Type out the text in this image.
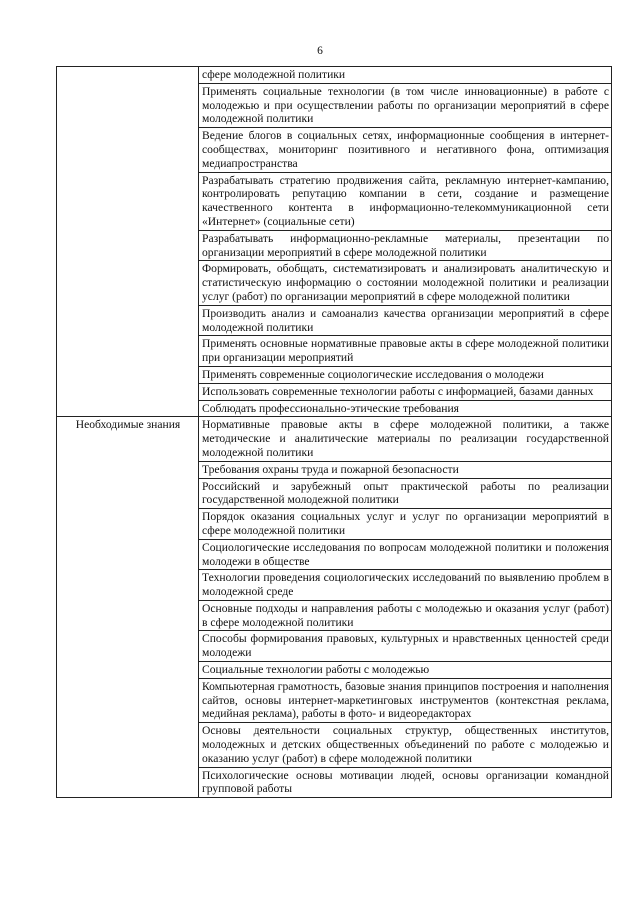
6
	сфере молодежной политики
	Применять социальные технологии (в том числе инновационные) в работе с молодежью и при осуществлении работы по организации мероприятий в сфере молодежной политики
	Ведение блогов в социальных сетях, информационные сообщения в интернет-сообществах, мониторинг позитивного и негативного фона, оптимизация медиапространства
	Разрабатывать стратегию продвижения сайта, рекламную интернет-кампанию, контролировать репутацию компании в сети, создание и размещение качественного контента в информационно-телекоммуникационной сети «Интернет» (социальные сети)
	Разрабатывать информационно-рекламные материалы, презентации по организации мероприятий в сфере молодежной политики
	Формировать, обобщать, систематизировать и анализировать аналитическую и статистическую информацию о состоянии молодежной политики и реализации услуг (работ) по организации мероприятий в сфере молодежной политики
	Производить анализ и самоанализ качества организации мероприятий в сфере молодежной политики
	Применять основные нормативные правовые акты в сфере молодежной политики при организации мероприятий
	Применять современные социологические исследования о молодежи
	Использовать современные технологии работы с информацией, базами данных
	Соблюдать профессионально-этические требования
Необходимые знания	Нормативные правовые акты в сфере молодежной политики, а также методические и аналитические материалы по реализации государственной молодежной политики
	Требования охраны труда и пожарной безопасности
	Российский и зарубежный опыт практической работы по реализации государственной молодежной политики
	Порядок оказания социальных услуг и услуг по организации мероприятий в сфере молодежной политики
	Социологические исследования по вопросам молодежной политики и положения молодежи в обществе
	Технологии проведения социологических исследований по выявлению проблем в молодежной среде
	Основные подходы и направления работы с молодежью и оказания услуг (работ) в сфере молодежной политики
	Способы формирования правовых, культурных и нравственных ценностей среди молодежи
	Социальные технологии работы с молодежью
	Компьютерная грамотность, базовые знания принципов построения и наполнения сайтов, основы интернет-маркетинговых инструментов (контекстная реклама, медийная реклама), работы в фото- и видеоредакторах
	Основы деятельности социальных структур, общественных институтов, молодежных и детских общественных объединений по работе с молодежью и оказанию услуг (работ) в сфере молодежной политики
	Психологические основы мотивации людей, основы организации командной групповой работы
